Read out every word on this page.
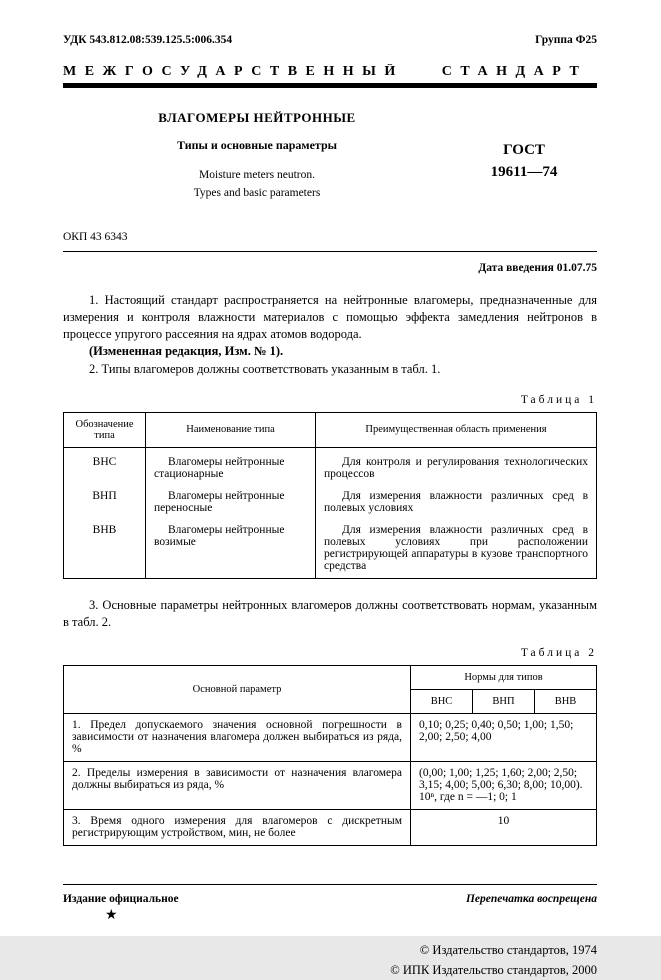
УДК 543.812.08:539.125.5:006.354	Группа Ф25
МЕЖГОСУДАРСТВЕННЫЙ СТАНДАРТ
ВЛАГОМЕРЫ НЕЙТРОННЫЕ
Типы и основные параметры
Moisture meters neutron.
Types and basic parameters
ГОСТ
19611—74
ОКП 43 6343
Дата введения 01.07.75

1. Настоящий стандарт распространяется на нейтронные влагомеры, предназначенные для измерения и контроля влажности материалов с помощью эффекта замедления нейтронов в процессе упругого рассеяния на ядрах атомов водорода.

(Измененная редакция, Изм. № 1).

2. Типы влагомеров должны соответствовать указанным в табл. 1.

Таблица 1
Обозначение типа	Наименование типа	Преимущественная область применения
ВНС	Влагомеры нейтронные стационарные	Для контроля и регулирования технологических процессов
ВНП	Влагомеры нейтронные переносные	Для измерения влажности различных сред в полевых условиях
ВНВ	Влагомеры нейтронные возимые	Для измерения влажности различных сред в полевых условиях при расположении регистрирующей аппаратуры в кузове транспортного средства

3. Основные параметры нейтронных влагомеров должны соответствовать нормам, указанным в табл. 2.

Таблица 2
Основной параметр	Нормы для типов		
	ВНС	ВНП	ВНВ
1. Предел допускаемого значения основной погрешности в зависимости от назначения влагомера должен выбираться из ряда, %	0,10; 0,25; 0,40; 0,50; 1,00; 1,50; 2,00; 2,50; 4,00		
2. Пределы измерения в зависимости от назначения влагомера должны выбираться из ряда, %	(0,00; 1,00; 1,25; 1,60; 2,00; 2,50; 3,15; 4,00; 5,00; 6,30; 8,00; 10,00). 10ⁿ, где n = —1; 0; 1		
3. Время одного измерения для влагомеров с дискретным регистрирующим устройством, мин, не более	10		
Издание официальное	Перепечатка воспрещена
★
© Издательство стандартов, 1974
© ИПК Издательство стандартов, 2000
